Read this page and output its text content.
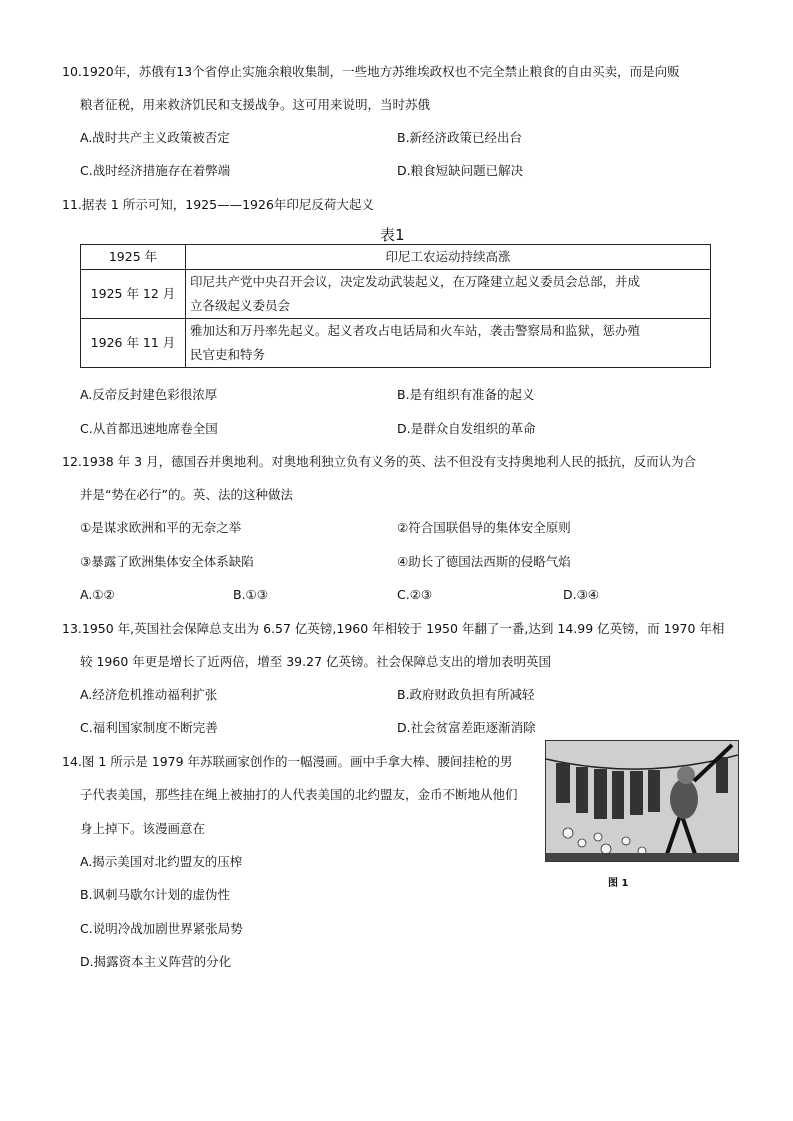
10.1920年，苏俄有13个省停止实施余粮收集制，一些地方苏维埃政权也不完全禁止粮食的自由买卖，而是向贩
粮者征税，用来救济饥民和支援战争。这可用来说明，当时苏俄
A.战时共产主义政策被否定	B.新经济政策已经出台
C.战时经济措施存在着弊端	D.粮食短缺问题已解决
11.据表 1 所示可知，1925——1926年印尼反荷大起义
表1
1925 年	印尼工农运动持续高涨
1925 年 12 月	印尼共产党中央召开会议，决定发动武装起义，在万隆建立起义委员会总部，并成
立各级起义委员会

1926 年 11 月	雅加达和万丹率先起义。起义者攻占电话局和火车站，袭击警察局和监狱，惩办殖
民官吏和特务
A.反帝反封建色彩很浓厚	B.是有组织有准备的起义
C.从首都迅速地席卷全国	D.是群众自发组织的革命
12.1938 年 3 月，德国吞并奥地利。对奥地利独立负有义务的英、法不但没有支持奥地利人民的抵抗，反而认为合
并是“势在必行”的。英、法的这种做法
①是谋求欧洲和平的无奈之举	②符合国联倡导的集体安全原则
③暴露了欧洲集体安全体系缺陷	④助长了德国法西斯的侵略气焰
A.①②	B.①③	C.②③	D.③④
13.1950 年,英国社会保障总支出为 6.57 亿英镑,1960 年相较于 1950 年翻了一番,达到 14.99 亿英镑，而 1970 年相
较 1960 年更是增长了近两倍，增至 39.27 亿英镑。社会保障总支出的增加表明英国
A.经济危机推动福利扩张	B.政府财政负担有所减轻
C.福利国家制度不断完善	D.社会贫富差距逐渐消除
14.图 1 所示是 1979 年苏联画家创作的一幅漫画。画中手拿大棒、腰间挂枪的男
子代表美国，那些挂在绳上被抽打的人代表美国的北约盟友，金币不断地从他们
身上掉下。该漫画意在
A.揭示美国对北约盟友的压榨
B.讽刺马歇尔计划的虚伪性
C.说明冷战加剧世界紧张局势
D.揭露资本主义阵营的分化
图 1
